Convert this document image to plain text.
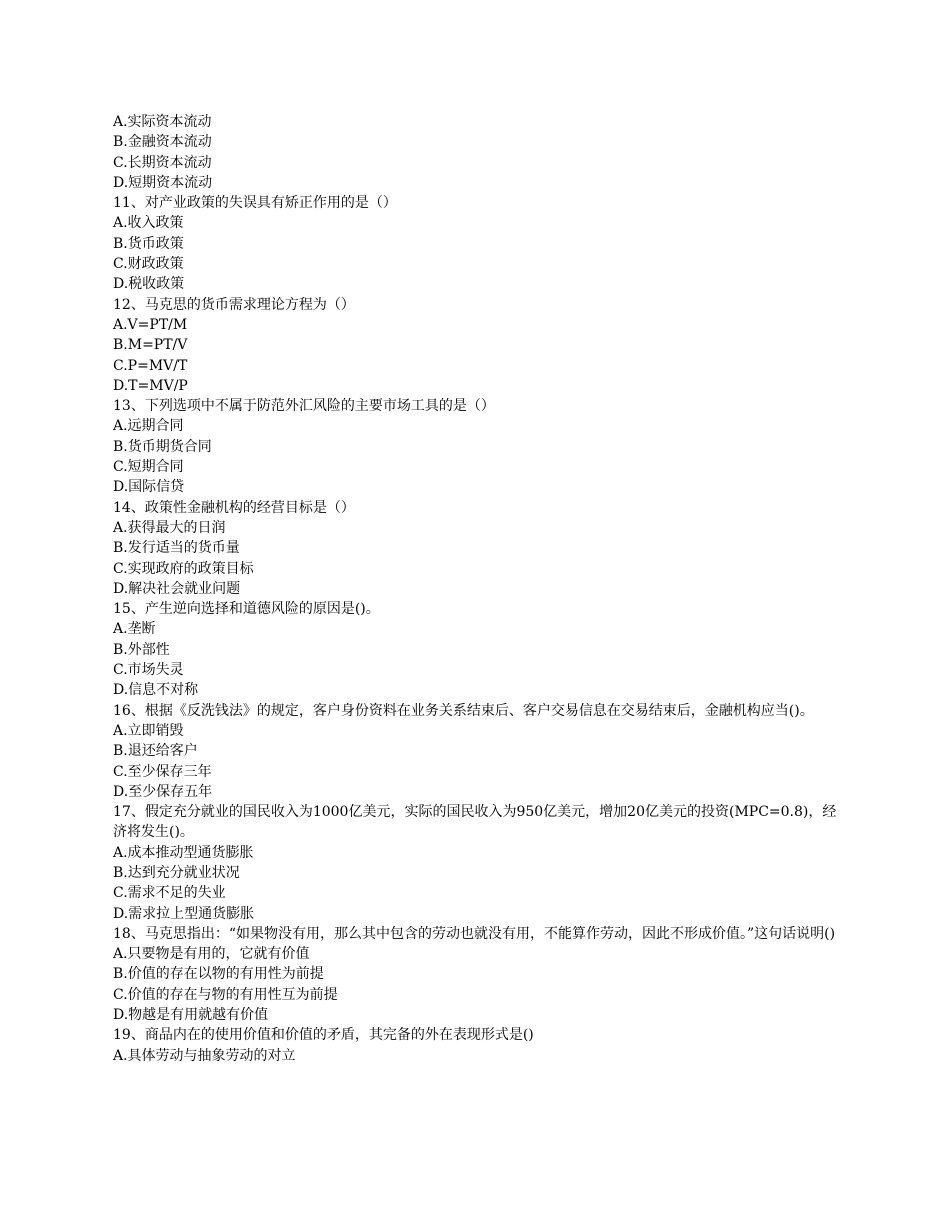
A.实际资本流动

B.金融资本流动

C.长期资本流动

D.短期资本流动

11、对产业政策的失误具有矫正作用的是（）

A.收入政策

B.货币政策

C.财政政策

D.税收政策

12、马克思的货币需求理论方程为（）

A.V=PT/M

B.M=PT/V

C.P=MV/T

D.T=MV/P

13、下列选项中不属于防范外汇风险的主要市场工具的是（）

A.远期合同

B.货币期货合同

C.短期合同

D.国际信贷

14、政策性金融机构的经营目标是（）

A.获得最大的日润

B.发行适当的货币量

C.实现政府的政策目标

D.解决社会就业问题

15、产生逆向选择和道德风险的原因是()。

A.垄断

B.外部性

C.市场失灵

D.信息不对称

16、根据《反洗钱法》的规定，客户身份资料在业务关系结束后、客户交易信息在交易结束后，金融机构应当()。

A.立即销毁

B.退还给客户

C.至少保存三年

D.至少保存五年

17、假定充分就业的国民收入为1000亿美元，实际的国民收入为950亿美元，增加20亿美元的投资(MPC=0.8)，经济将发生()。

A.成本推动型通货膨胀

B.达到充分就业状况

C.需求不足的失业

D.需求拉上型通货膨胀

18、马克思指出：“如果物没有用，那么其中包含的劳动也就没有用，不能算作劳动，因此不形成价值。”这句话说明()

A.只要物是有用的，它就有价值

B.价值的存在以物的有用性为前提

C.价值的存在与物的有用性互为前提

D.物越是有用就越有价值

19、商品内在的使用价值和价值的矛盾，其完备的外在表现形式是()

A.具体劳动与抽象劳动的对立
